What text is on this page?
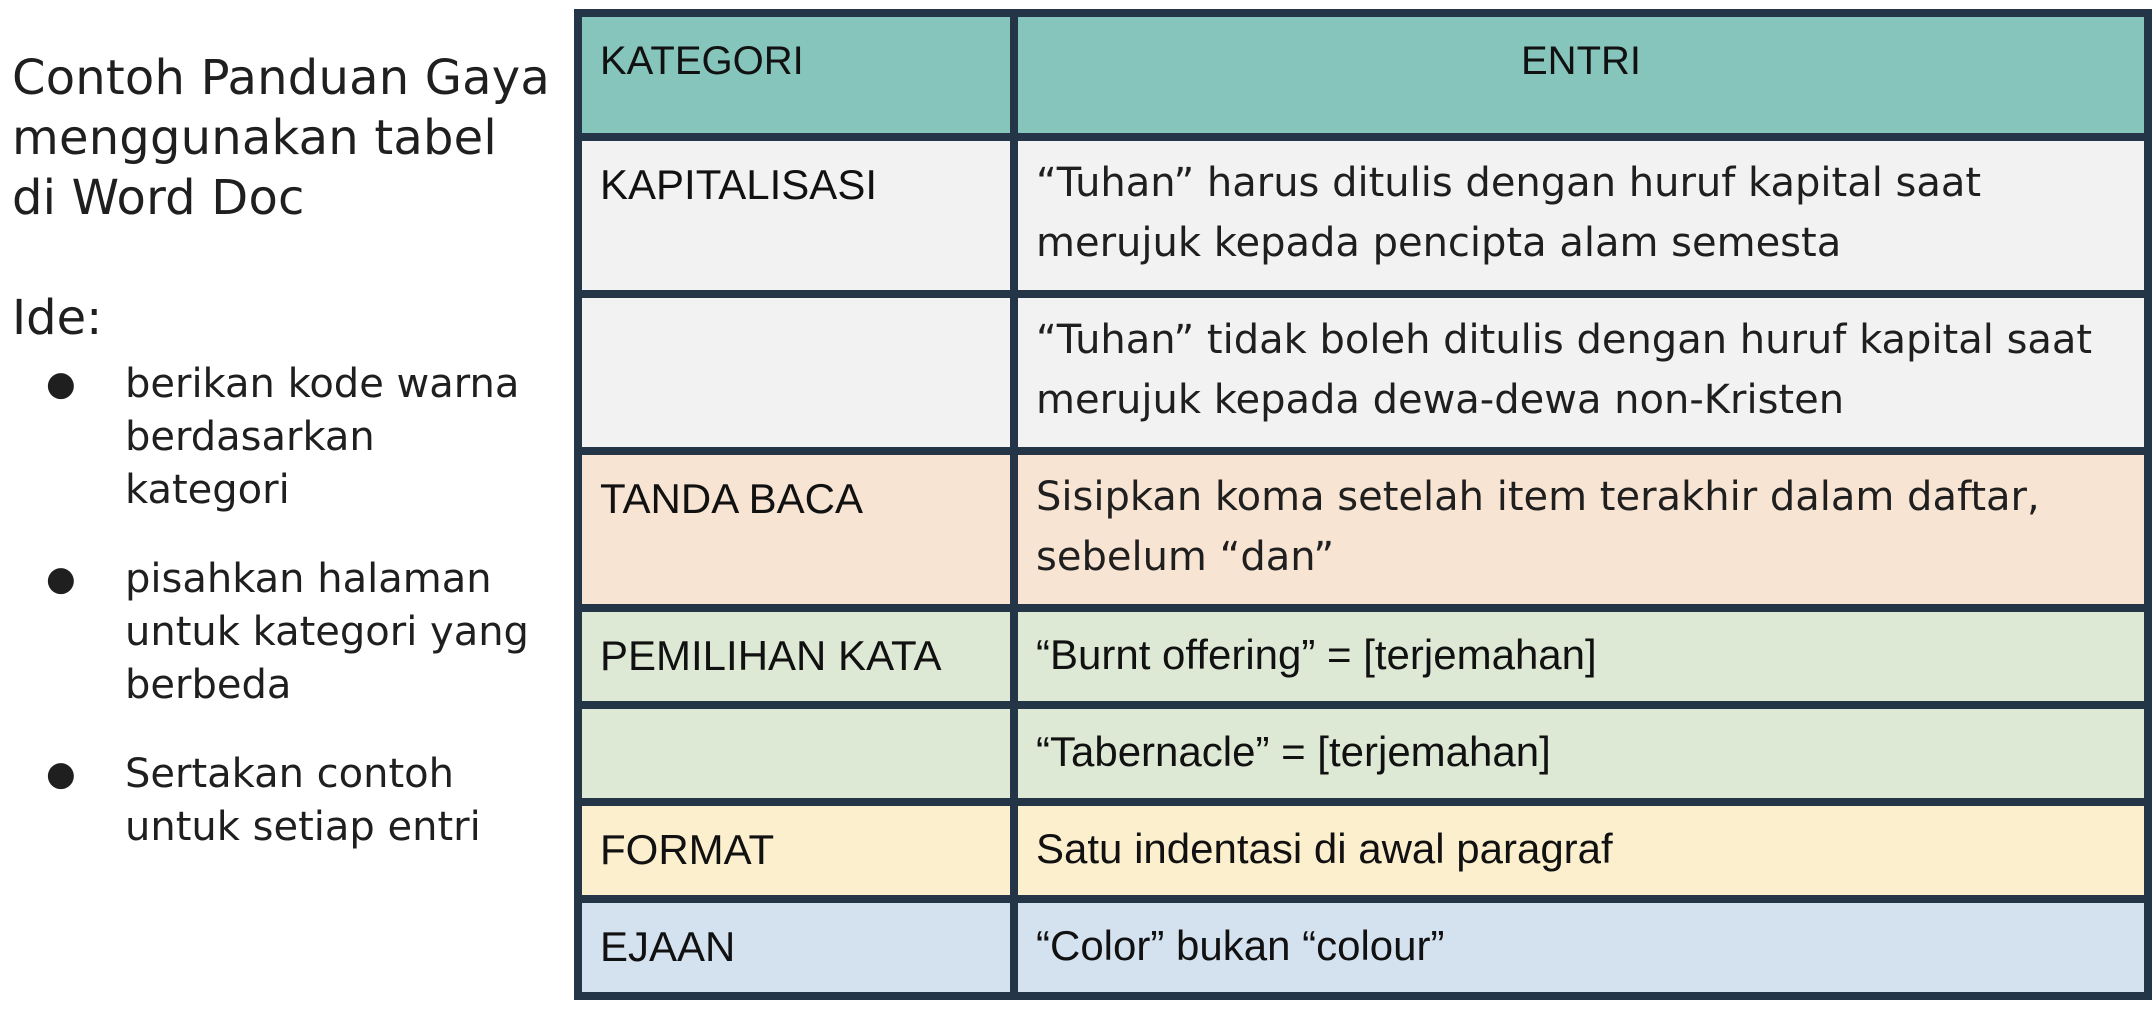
Contoh Panduan Gaya menggunakan tabel di Word Doc

Ide:

● berikan kode warna berdasarkan kategori
● pisahkan halaman untuk kategori yang berbeda
● Sertakan contoh untuk setiap entri
KATEGORI	ENTRI
KAPITALISASI	“Tuhan” harus ditulis dengan huruf kapital saat merujuk kepada pencipta alam semesta
	“Tuhan” tidak boleh ditulis dengan huruf kapital saat merujuk kepada dewa-dewa non-Kristen
TANDA BACA	Sisipkan koma setelah item terakhir dalam daftar, sebelum “dan”
PEMILIHAN KATA	“Burnt offering” = [terjemahan]
	“Tabernacle” = [terjemahan]
FORMAT	Satu indentasi di awal paragraf
EJAAN	“Color” bukan “colour”
